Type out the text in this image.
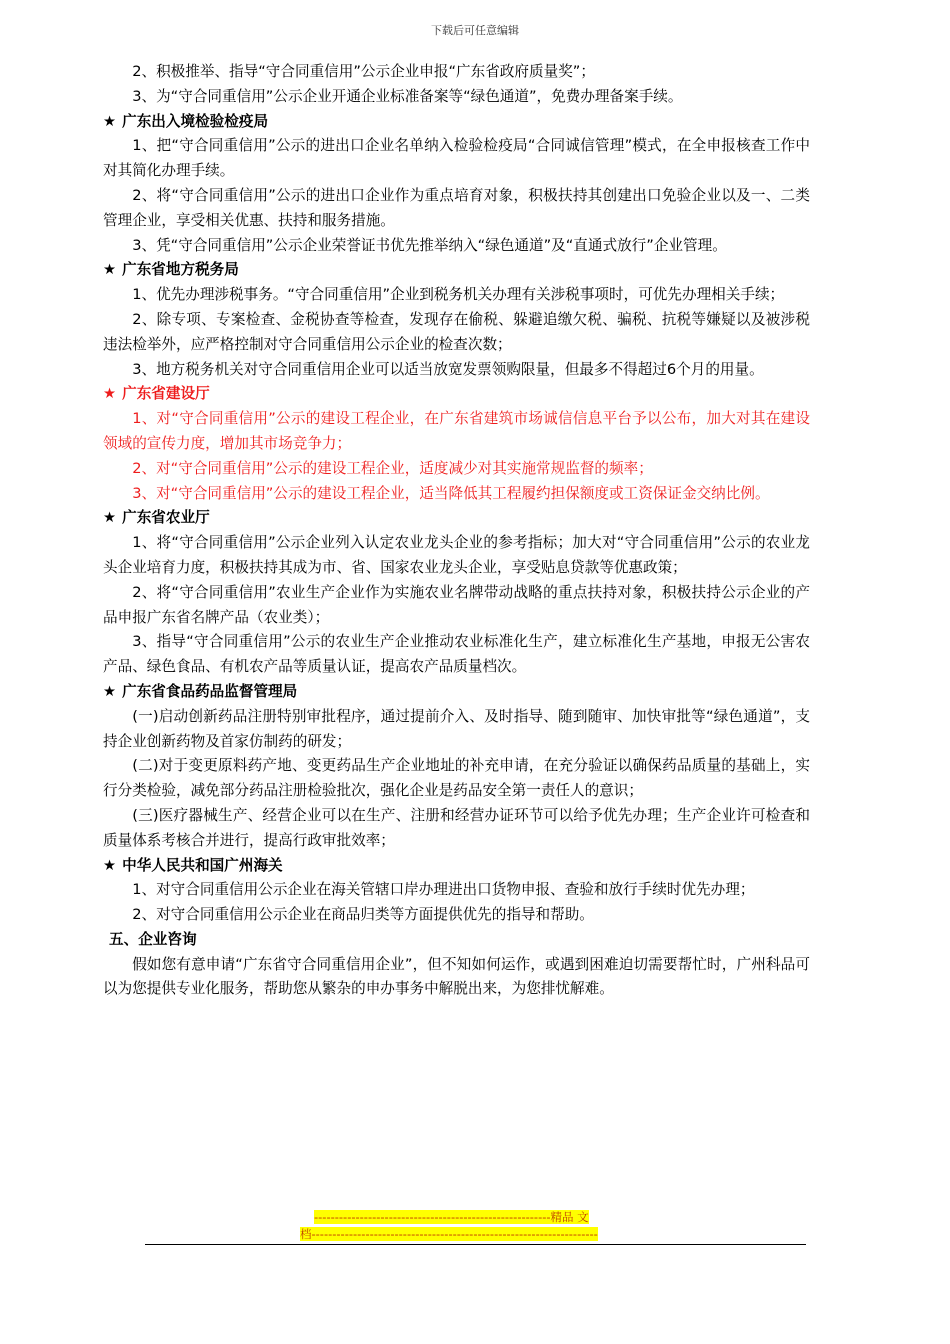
下载后可任意编辑
2、积极推举、指导“守合同重信用”公示企业申报“广东省政府质量奖”；
3、为“守合同重信用”公示企业开通企业标准备案等“绿色通道”，免费办理备案手续。
★ 广东出入境检验检疫局
1、把“守合同重信用”公示的进出口企业名单纳入检验检疫局“合同诚信管理”模式，在全申报核查工作中对其简化办理手续。
2、将“守合同重信用”公示的进出口企业作为重点培育对象，积极扶持其创建出口免验企业以及一、二类管理企业，享受相关优惠、扶持和服务措施。
3、凭“守合同重信用”公示企业荣誉证书优先推举纳入“绿色通道”及“直通式放行”企业管理。
★ 广东省地方税务局
1、优先办理涉税事务。“守合同重信用”企业到税务机关办理有关涉税事项时，可优先办理相关手续；
2、除专项、专案检查、金税协查等检查，发现存在偷税、躲避追缴欠税、骗税、抗税等嫌疑以及被涉税违法检举外，应严格控制对守合同重信用公示企业的检查次数；
3、地方税务机关对守合同重信用企业可以适当放宽发票领购限量，但最多不得超过6个月的用量。
★ 广东省建设厅
1、对“守合同重信用”公示的建设工程企业，在广东省建筑市场诚信信息平台予以公布，加大对其在建设领域的宣传力度，增加其市场竞争力；
2、对“守合同重信用”公示的建设工程企业，适度减少对其实施常规监督的频率；
3、对“守合同重信用”公示的建设工程企业，适当降低其工程履约担保额度或工资保证金交纳比例。
★ 广东省农业厅
1、将“守合同重信用”公示企业列入认定农业龙头企业的参考指标；加大对“守合同重信用”公示的农业龙头企业培育力度，积极扶持其成为市、省、国家农业龙头企业，享受贴息贷款等优惠政策；
2、将“守合同重信用”农业生产企业作为实施农业名牌带动战略的重点扶持对象，积极扶持公示企业的产品申报广东省名牌产品（农业类）；
3、指导“守合同重信用”公示的农业生产企业推动农业标准化生产，建立标准化生产基地，申报无公害农产品、绿色食品、有机农产品等质量认证，提高农产品质量档次。
★ 广东省食品药品监督管理局
(一)启动创新药品注册特别审批程序，通过提前介入、及时指导、随到随审、加快审批等“绿色通道”，支持企业创新药物及首家仿制药的研发；
(二)对于变更原料药产地、变更药品生产企业地址的补充申请，在充分验证以确保药品质量的基础上，实行分类检验，减免部分药品注册检验批次，强化企业是药品安全第一责任人的意识；
(三)医疗器械生产、经营企业可以在生产、注册和经营办证环节可以给予优先办理；生产企业许可检查和质量体系考核合并进行，提高行政审批效率；
★ 中华人民共和国广州海关
1、对守合同重信用公示企业在海关管辖口岸办理进出口货物申报、查验和放行手续时优先办理；
2、对守合同重信用公示企业在商品归类等方面提供优先的指导和帮助。
五、企业咨询
假如您有意申请“广东省守合同重信用企业”，但不知如何运作，或遇到困难迫切需要帮忙时，广州科品可以为您提供专业化服务，帮助您从繁杂的申办事务中解脱出来，为您排忧解难。
---------------------------------------------------------精品 文
档---------------------------------------------------------------------
